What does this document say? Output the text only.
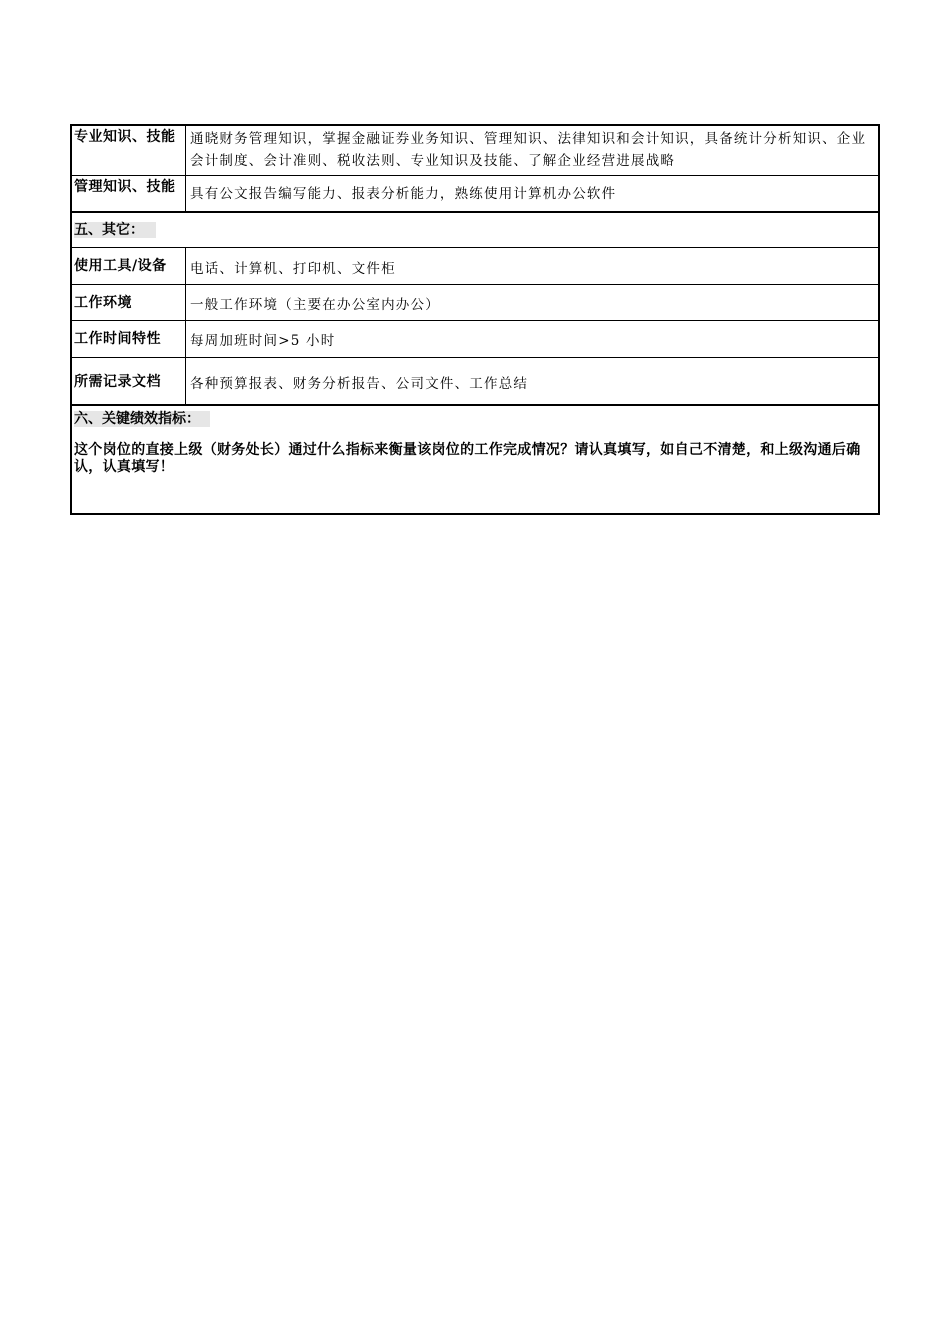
专业知识、技能	通晓财务管理知识，掌握金融证券业务知识、管理知识、法律知识和会计知识，具备统计分析知识、企业会计制度、会计准则、税收法则、专业知识及技能、了解企业经营进展战略
管理知识、技能	具有公文报告编写能力、报表分析能力，熟练使用计算机办公软件
五、其它：
使用工具/设备	电话、计算机、打印机、文件柜
工作环境	一般工作环境（主要在办公室内办公）
工作时间特性	每周加班时间>5 小时
所需记录文档	各种预算报表、财务分析报告、公司文件、工作总结
六、关键绩效指标：
这个岗位的直接上级（财务处长）通过什么指标来衡量该岗位的工作完成情况？请认真填写，如自己不清楚，和上级沟通后确认，认真填写！
